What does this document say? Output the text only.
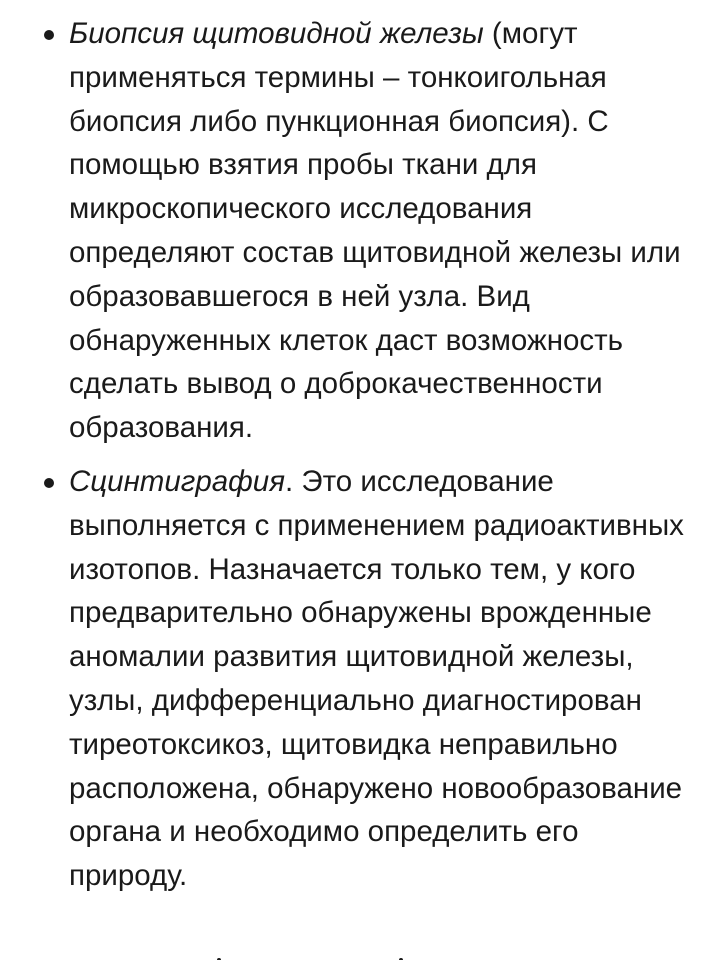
Биопсия щитовидной железы (могут применяться термины – тонкоигольная биопсия либо пункционная биопсия). С помощью взятия пробы ткани для микроскопического исследования определяют состав щитовидной железы или образовавшегося в ней узла. Вид обнаруженных клеток даст возможность сделать вывод о доброкачественности образования.
Сцинтиграфия. Это исследование выполняется с применением радиоактивных изотопов. Назначается только тем, у кого предварительно обнаружены врожденные аномалии развития щитовидной железы, узлы, дифференциально диагностирован тиреотоксикоз, щитовидка неправильно расположена, обнаружено новообразование органа и необходимо определить его природу.
